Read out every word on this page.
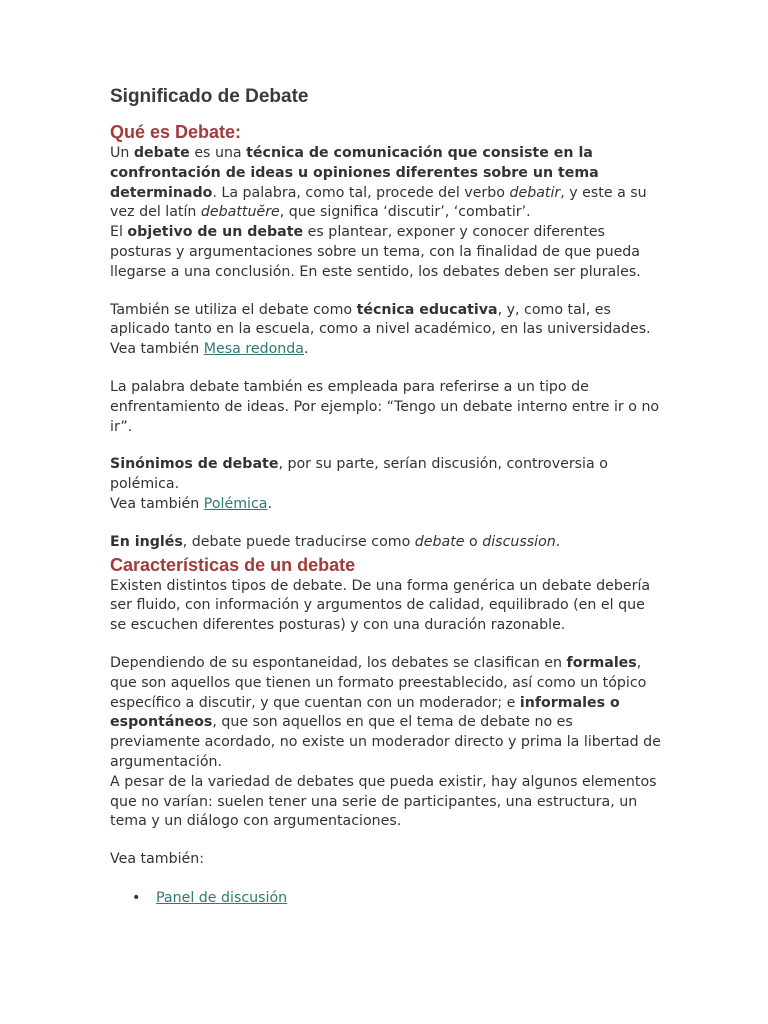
Significado de Debate
Qué es Debate:

Un debate es una técnica de comunicación que consiste en la confrontación de ideas u opiniones diferentes sobre un tema determinado. La palabra, como tal, procede del verbo debatir, y este a su vez del latín debattuĕre, que significa ‘discutir’, ‘combatir’.

El objetivo de un debate es plantear, exponer y conocer diferentes posturas y argumentaciones sobre un tema, con la finalidad de que pueda llegarse a una conclusión. En este sentido, los debates deben ser plurales.

También se utiliza el debate como técnica educativa, y, como tal, es aplicado tanto en la escuela, como a nivel académico, en las universidades.

Vea también Mesa redonda.

La palabra debate también es empleada para referirse a un tipo de enfrentamiento de ideas. Por ejemplo: “Tengo un debate interno entre ir o no ir”.

Sinónimos de debate, por su parte, serían discusión, controversia o polémica.

Vea también Polémica.

En inglés, debate puede traducirse como debate o discussion.

Características de un debate

Existen distintos tipos de debate. De una forma genérica un debate debería ser fluido, con información y argumentos de calidad, equilibrado (en el que se escuchen diferentes posturas) y con una duración razonable.

Dependiendo de su espontaneidad, los debates se clasifican en formales, que son aquellos que tienen un formato preestablecido, así como un tópico específico a discutir, y que cuentan con un moderador; e informales o espontáneos, que son aquellos en que el tema de debate no es previamente acordado, no existe un moderador directo y prima la libertad de argumentación.

A pesar de la variedad de debates que pueda existir, hay algunos elementos que no varían: suelen tener una serie de participantes, una estructura, un tema y un diálogo con argumentaciones.

Vea también:

• Panel de discusión
